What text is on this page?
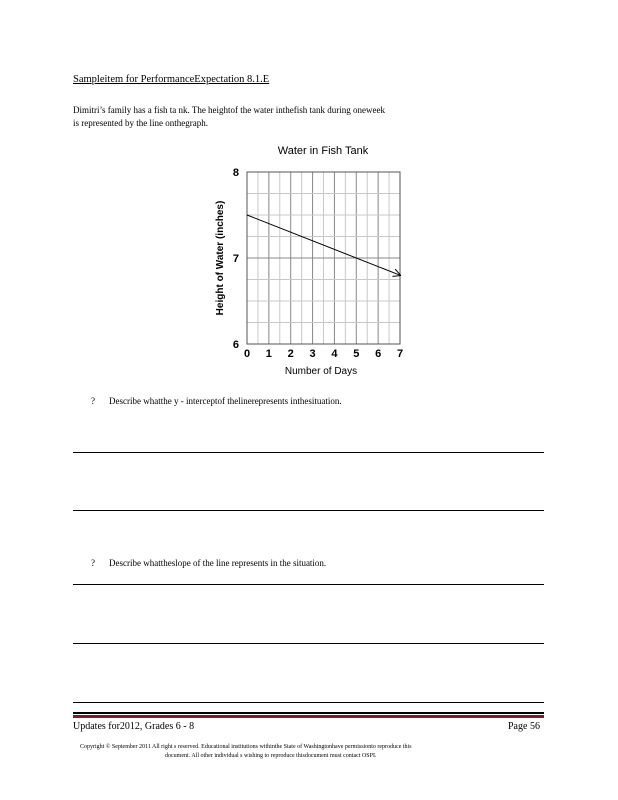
Sampleitem for PerformanceExpectation 8.1.E
Dimitri’s family has a fish ta nk. The heightof the water inthefish tank during oneweek
is represented by the line onthegraph.
Water in Fish Tank
0 1 2 3 4 5 6 7
6
7
8
Number of Days
Height of Water (inches)
? Describe whatthe y - interceptof thelinerepresents inthesituation.
? Describe whattheslope of the line represents in the situation.
Updates for2012, Grades 6 - 8	Page 56
Copyright © September 2011 All right s reserved. Educational institutions withinthe State of Washingtonhave permissionto reproduce this
document. All other individual s wishing to reproduce thisdocument must contact OSPI.
